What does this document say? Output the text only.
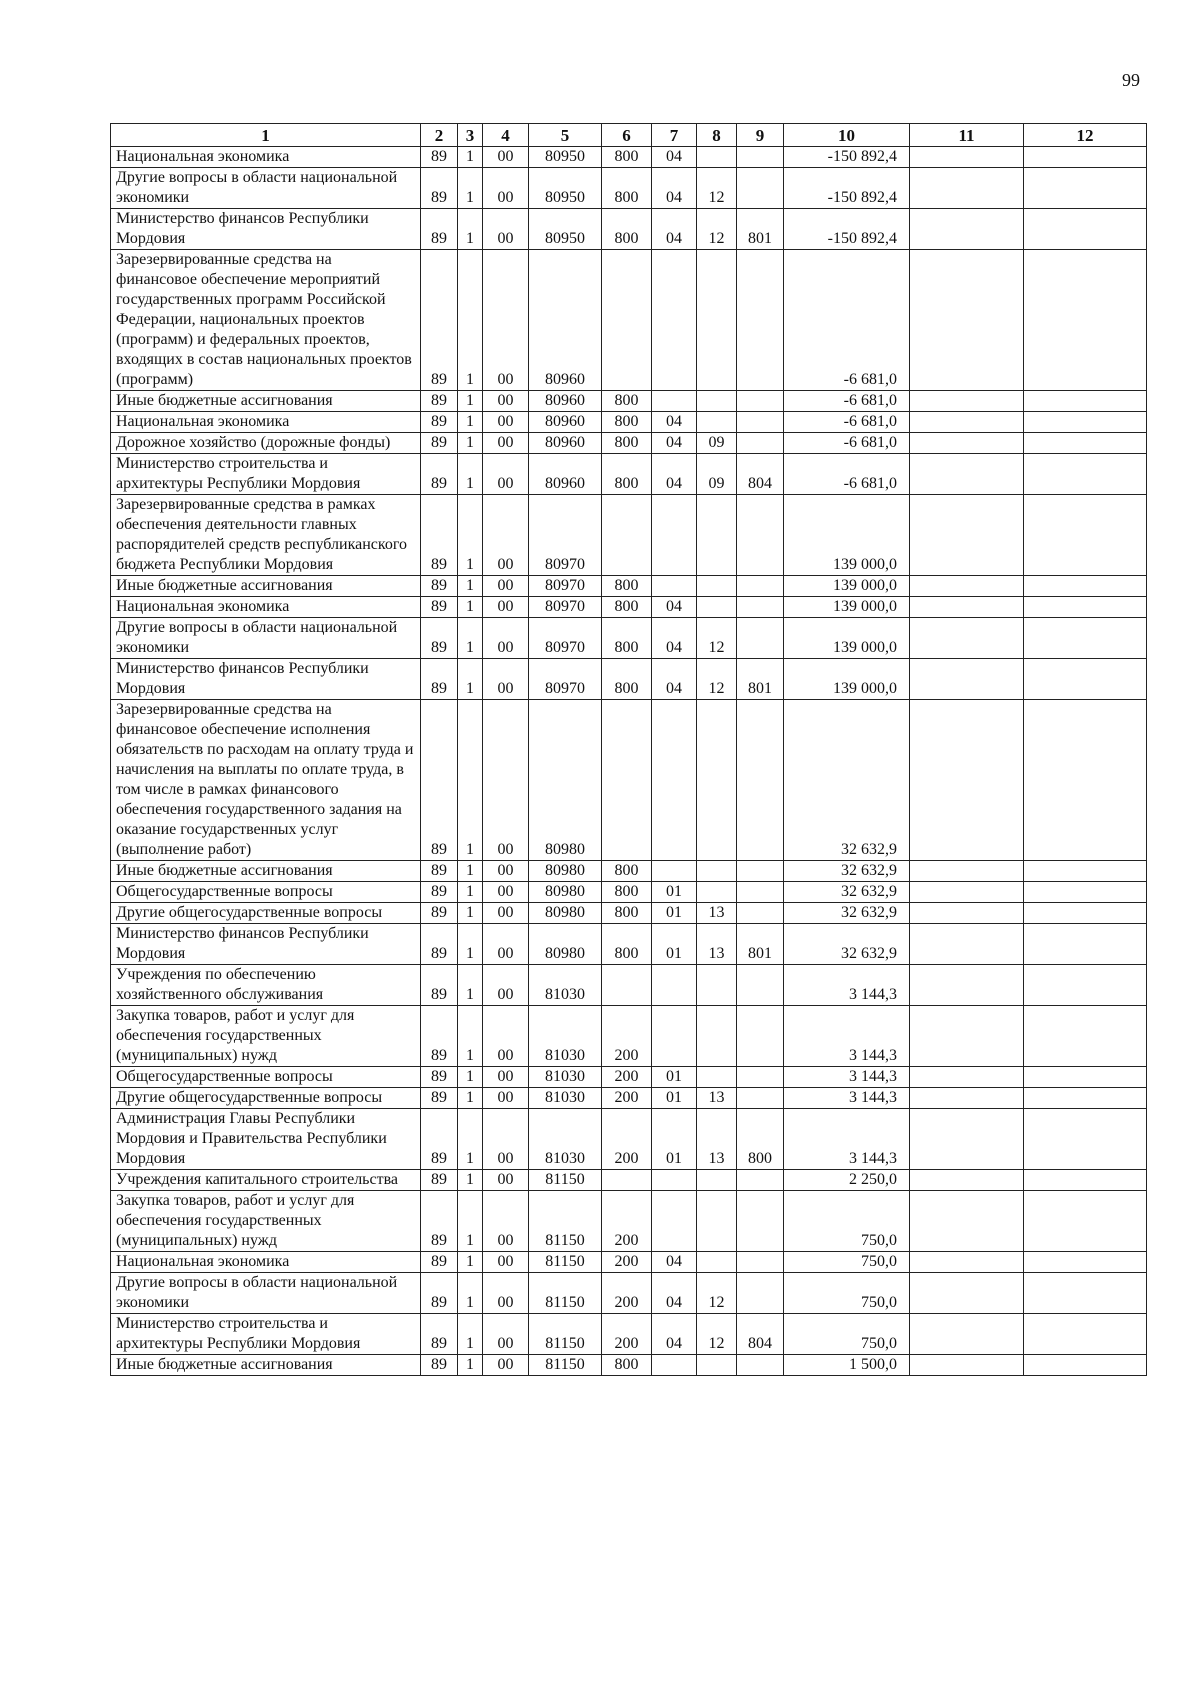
99
1	2	3	4	5	6	7	8	9	10	11	12
Национальная экономика	89	1	00	80950	800	04			-150 892,4		
Другие вопросы в области национальной экономики	89	1	00	80950	800	04	12		-150 892,4		
Министерство финансов Республики Мордовия	89	1	00	80950	800	04	12	801	-150 892,4		
Зарезервированные средства на финансовое обеспечение мероприятий государственных программ Российской Федерации, национальных проектов (программ) и федеральных проектов, входящих в состав национальных проектов (программ)	89	1	00	80960					-6 681,0		
Иные бюджетные ассигнования	89	1	00	80960	800				-6 681,0		
Национальная экономика	89	1	00	80960	800	04			-6 681,0		
Дорожное хозяйство (дорожные фонды)	89	1	00	80960	800	04	09		-6 681,0		
Министерство строительства и архитектуры Республики Мордовия	89	1	00	80960	800	04	09	804	-6 681,0		
Зарезервированные средства в рамках обеспечения деятельности главных распорядителей средств республиканского бюджета Республики Мордовия	89	1	00	80970					139 000,0		
Иные бюджетные ассигнования	89	1	00	80970	800				139 000,0		
Национальная экономика	89	1	00	80970	800	04			139 000,0		
Другие вопросы в области национальной экономики	89	1	00	80970	800	04	12		139 000,0		
Министерство финансов Республики Мордовия	89	1	00	80970	800	04	12	801	139 000,0		
Зарезервированные средства на финансовое обеспечение исполнения обязательств по расходам на оплату труда и начисления на выплаты по оплате труда, в том числе в рамках финансового обеспечения государственного задания на оказание государственных услуг (выполнение работ)	89	1	00	80980					32 632,9		
Иные бюджетные ассигнования	89	1	00	80980	800				32 632,9		
Общегосударственные вопросы	89	1	00	80980	800	01			32 632,9		
Другие общегосударственные вопросы	89	1	00	80980	800	01	13		32 632,9		
Министерство финансов Республики Мордовия	89	1	00	80980	800	01	13	801	32 632,9		
Учреждения по обеспечению хозяйственного обслуживания	89	1	00	81030					3 144,3		
Закупка товаров, работ и услуг для обеспечения государственных (муниципальных) нужд	89	1	00	81030	200				3 144,3		
Общегосударственные вопросы	89	1	00	81030	200	01			3 144,3		
Другие общегосударственные вопросы	89	1	00	81030	200	01	13		3 144,3		
Администрация Главы Республики Мордовия и Правительства Республики Мордовия	89	1	00	81030	200	01	13	800	3 144,3		
Учреждения капитального строительства	89	1	00	81150					2 250,0		
Закупка товаров, работ и услуг для обеспечения государственных (муниципальных) нужд	89	1	00	81150	200				750,0		
Национальная экономика	89	1	00	81150	200	04			750,0		
Другие вопросы в области национальной экономики	89	1	00	81150	200	04	12		750,0		
Министерство строительства и архитектуры Республики Мордовия	89	1	00	81150	200	04	12	804	750,0		
Иные бюджетные ассигнования	89	1	00	81150	800				1 500,0		
